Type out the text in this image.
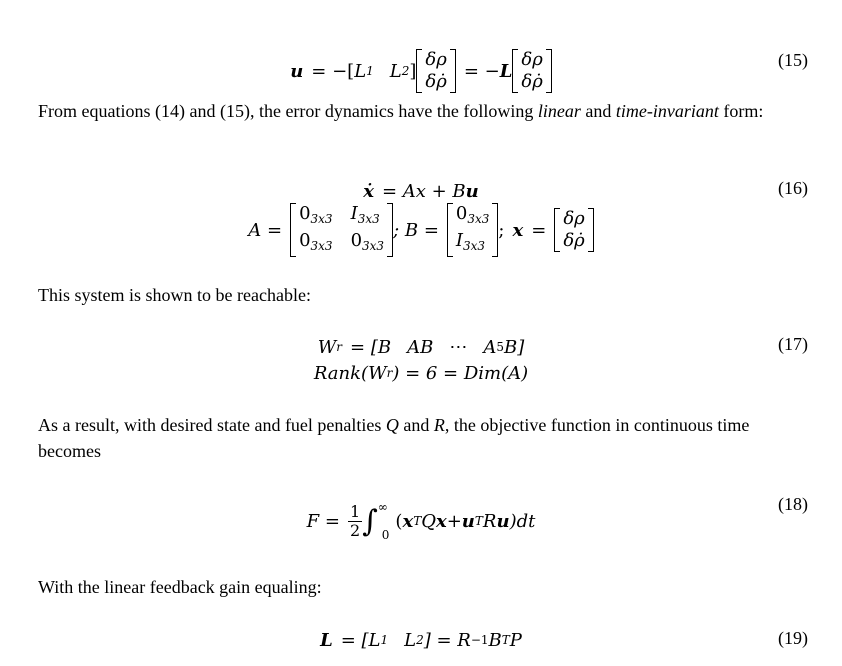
u = −[ L 1 L 2 ]
δρ
δρ̇ = − L
δρ
δρ̇
(15)
From equations (14) and (15), the error dynamics have the following linear and time-invariant form:
ẋ = Ax + B u	(16)
A =
$0_{3x3}$ $I_{3x3}$
$0_{3x3}$ $0_{3x3}$
; B =
$0_{3x3}$
$I_{3x3}$
; x =
δρ
δρ̇
This system is shown to be reachable:
W r = [B AB ⋯ A 5 B]	(17)
Rank(W r ) = 6 = Dim(A)
As a result, with desired state and fuel penalties Q and R, the objective function in continuous time becomes
$F = \frac{1}{2}$ ∫ ∞
0
( x T Q x + u T R u )dt
(18)
With the linear feedback gain equaling:
L = [L 1 L 2 ] = R −1 B T P	(19)
